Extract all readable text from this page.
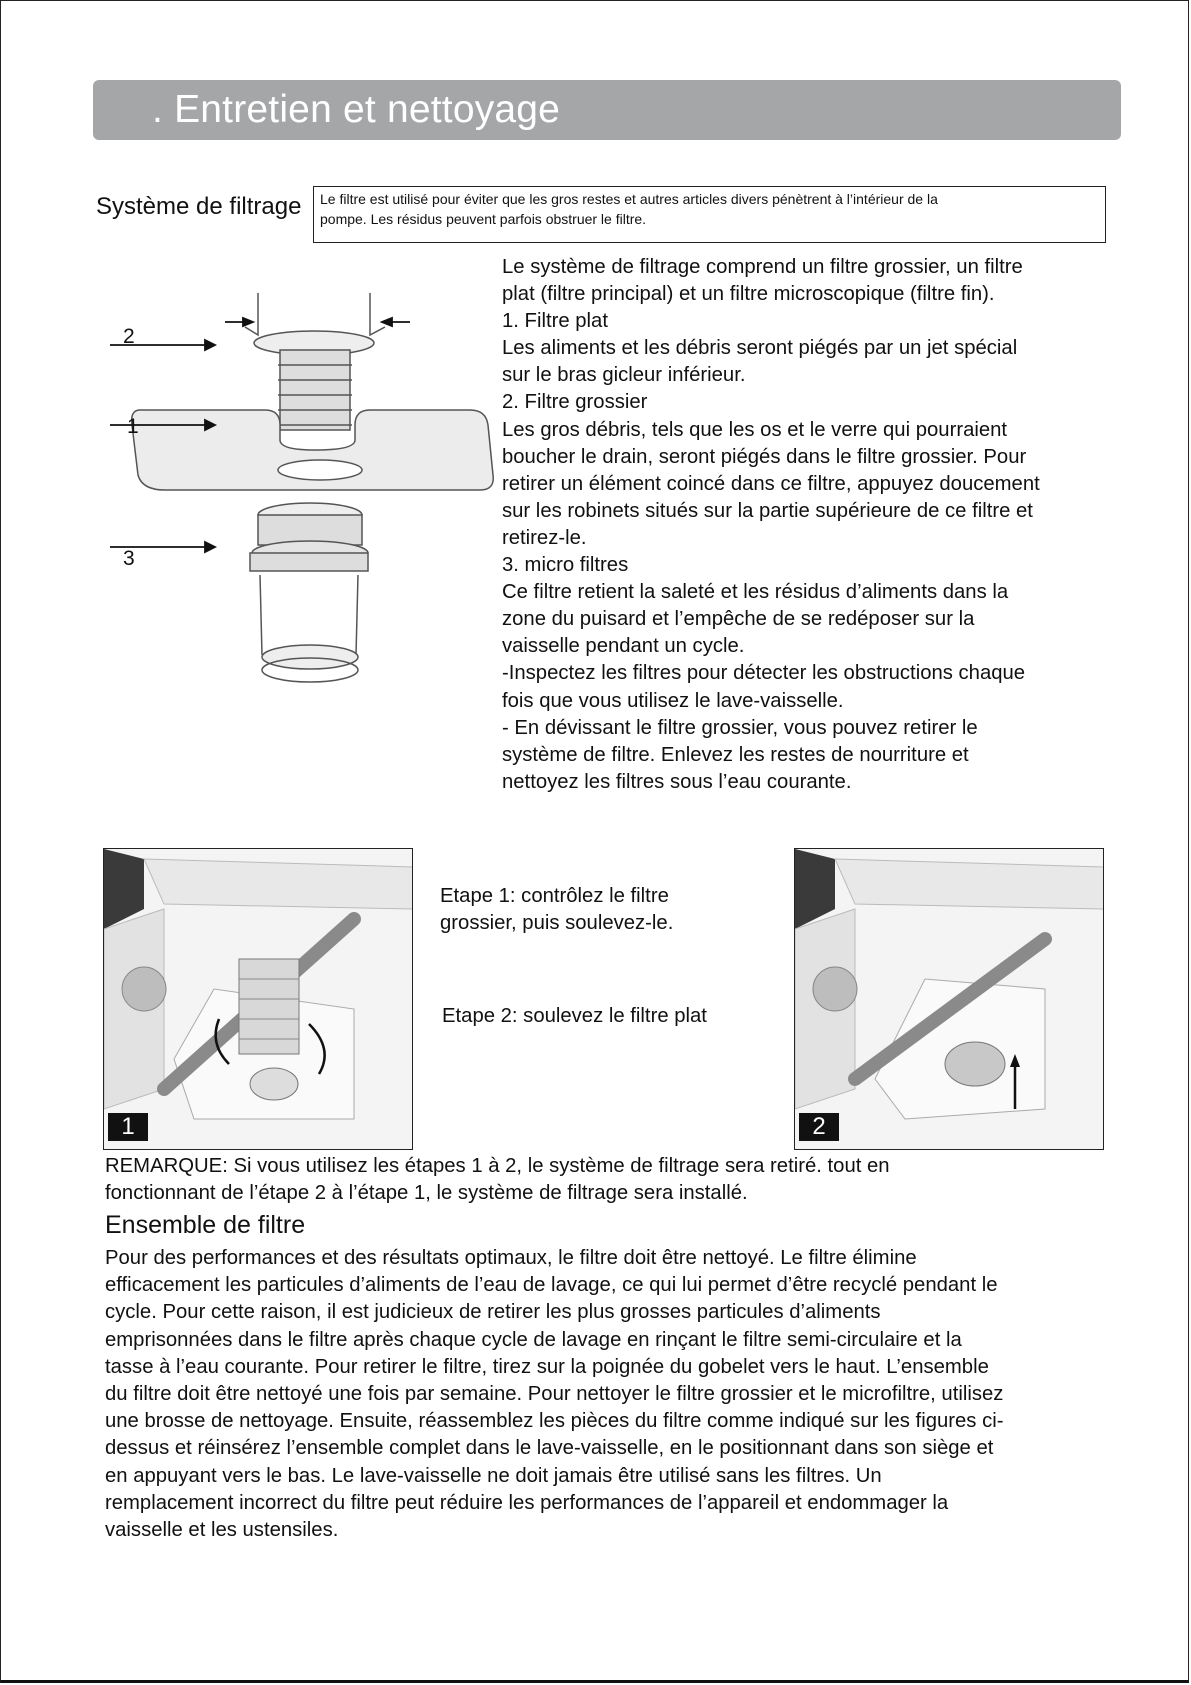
. Entretien et nettoyage
Système de filtrage Le filtre est utilisé pour éviter que les gros restes et autres articles divers pénètrent à l’intérieur de la
pompe. Les résidus peuvent parfois obstruer le filtre.
2
1
3
Le système de filtrage comprend un filtre grossier, un filtre
plat (filtre principal) et un filtre microscopique (filtre fin).
1. Filtre plat
Les aliments et les débris seront piégés par un jet spécial
sur le bras gicleur inférieur.
2. Filtre grossier
Les gros débris, tels que les os et le verre qui pourraient
boucher le drain, seront piégés dans le filtre grossier. Pour
retirer un élément coincé dans ce filtre, appuyez doucement
sur les robinets situés sur la partie supérieure de ce filtre et
retirez-le.
3. micro filtres
Ce filtre retient la saleté et les résidus d’aliments dans la
zone du puisard et l’empêche de se redéposer sur la
vaisselle pendant un cycle.
-Inspectez les filtres pour détecter les obstructions chaque
fois que vous utilisez le lave-vaisselle.
- En dévissant le filtre grossier, vous pouvez retirer le
système de filtre. Enlevez les restes de nourriture et
nettoyez les filtres sous l’eau courante.
1
Etape 1: contrôlez le filtre
grossier, puis soulevez-le.
Etape 2: soulevez le filtre plat
2
REMARQUE: Si vous utilisez les étapes 1 à 2, le système de filtrage sera retiré. tout en
fonctionnant de l’étape 2 à l’étape 1, le système de filtrage sera installé.
Ensemble de filtre
Pour des performances et des résultats optimaux, le filtre doit être nettoyé. Le filtre élimine
efficacement les particules d’aliments de l’eau de lavage, ce qui lui permet d’être recyclé pendant le
cycle. Pour cette raison, il est judicieux de retirer les plus grosses particules d’aliments
emprisonnées dans le filtre après chaque cycle de lavage en rinçant le filtre semi-circulaire et la
tasse à l’eau courante. Pour retirer le filtre, tirez sur la poignée du gobelet vers le haut. L’ensemble
du filtre doit être nettoyé une fois par semaine. Pour nettoyer le filtre grossier et le microfiltre, utilisez
une brosse de nettoyage. Ensuite, réassemblez les pièces du filtre comme indiqué sur les figures ci-
dessus et réinsérez l’ensemble complet dans le lave-vaisselle, en le positionnant dans son siège et
en appuyant vers le bas. Le lave-vaisselle ne doit jamais être utilisé sans les filtres. Un
remplacement incorrect du filtre peut réduire les performances de l’appareil et endommager la
vaisselle et les ustensiles.
